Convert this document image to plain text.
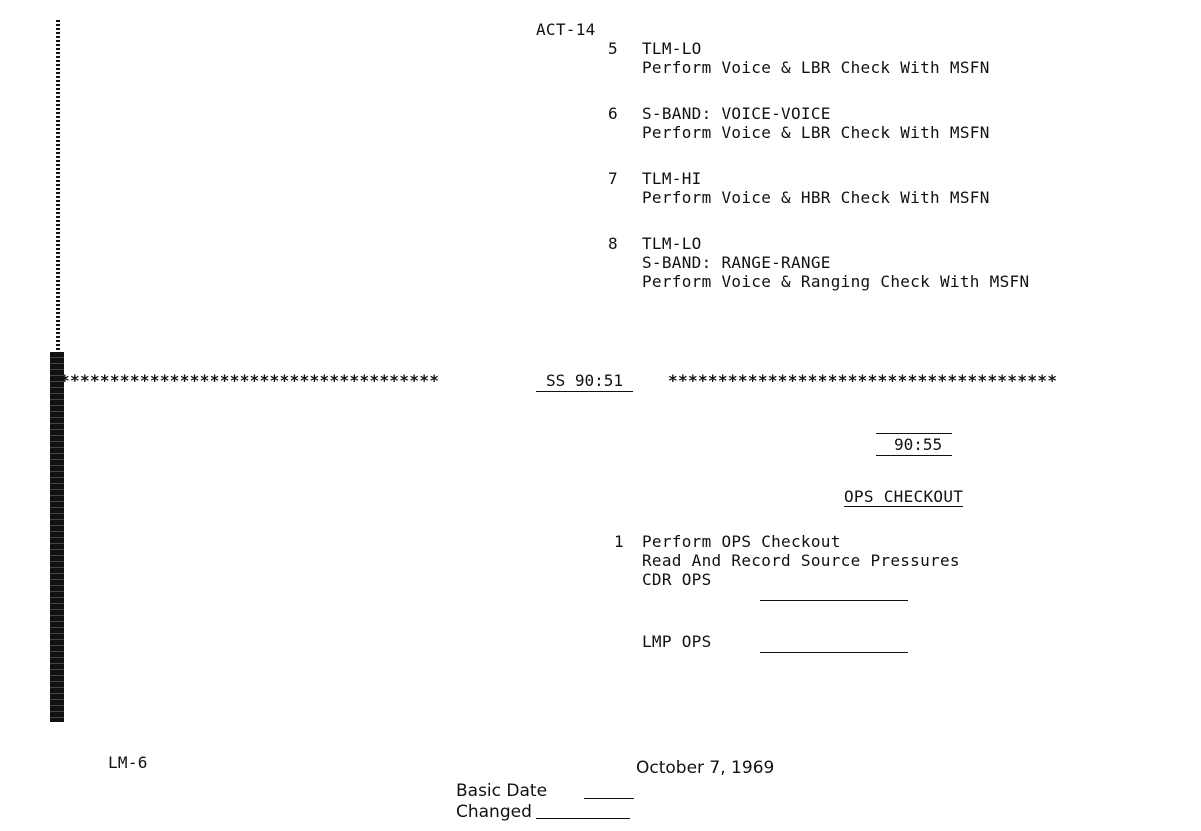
ACT-14
5 TLM-LO
Perform Voice & LBR Check With MSFN
6 S-BAND: VOICE-VOICE
Perform Voice & LBR Check With MSFN
7 TLM-HI
Perform Voice & HBR Check With MSFN
8 TLM-LO
S-BAND: RANGE-RANGE
Perform Voice & Ranging Check With MSFN
**************************************	SS 90:51	***************************************
90:55
OPS CHECKOUT
1 Perform OPS Checkout
Read And Record Source Pressures
CDR OPS
LMP OPS
LM-6
Basic Date
October 7, 1969
Changed
